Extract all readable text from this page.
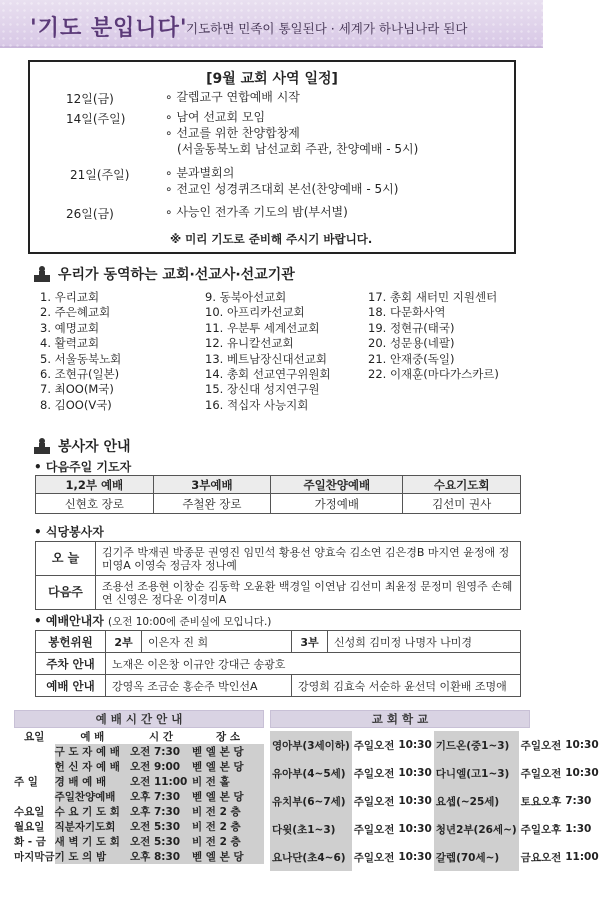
'기도 분입니다'
기도하면 민족이 통일된다 · 세계가 하나님나라 된다
[9월 교회 사역 일정]
12일(금)	∘ 갈렙교구 연합예배 시작
14일(주일)	∘ 남여 선교회 모임
∘ 선교를 위한 찬양합창제
(서울동북노회 남선교회 주관, 찬양예배 - 5시)
21일(주일)	∘ 분과별회의
∘ 전교인 성경퀴즈대회 본선(찬양예배 - 5시)
26일(금)	∘ 사능인 전가족 기도의 밤(부서별)
※ 미리 기도로 준비해 주시기 바랍니다.
우리가 동역하는 교회·선교사·선교기관
1. 우리교회
2. 주은혜교회
3. 예명교회
4. 활력교회
5. 서울동북노회
6. 조현규(일본)
7. 최OO(M국)
8. 김OO(V국)
9. 동북아선교회
10. 아프리카선교회
11. 우분투 세계선교회
12. 유니칼선교회
13. 베트남장신대선교회
14. 총회 선교연구위원회
15. 장신대 성지연구원
16. 적십자 사능지회
17. 총회 새터민 지원센터
18. 다문화사역
19. 정현규(태국)
20. 성문용(네팔)
21. 안재중(독일)
22. 이재훈(마다가스카르)
봉사자 안내
• 다음주일 기도자
1,2부 예배	3부예배	주일찬양예배	수요기도회
신현호 장로	주철완 장로	가정예배	김선미 권사
• 식당봉사자
오 늘	김기주 박재권 박종문 권영진 임민석 황용선 양효숙 김소연 김은경B 마지연 윤정애 정미영A 이영숙 정금자 정나예
다음주	조용선 조용현 이창순 김동학 오윤환 백경일 이연남 김선미 최윤정 문정미 원영주 손혜연 신영은 정다운 이경미A
• 예배안내자 (오전 10:00에 준비실에 모입니다.)
봉헌위원	2부	이은자 진 희	3부	신성희 김미정 나명자 나미경
주차 안내	노재은 이은창 이규안 강대근 송광호			
예배 안내	강영옥 조금순 홍순주 박인선A		강영희 김효숙 서순하 윤선덕 이환배 조명애	
예 배 시 간 안 내
요일	예 배	시 간	장 소
	구 도 자 예 배	오전 7:30	벧 엘 본 당
	헌 신 자 예 배	오전 9:00	벧 엘 본 당
주 일	경 배 예 배	오전 11:00	비 전 홀
	주일찬양예배	오후 7:30	벧 엘 본 당
수요일	수 요 기 도 회	오후 7:30	비 전 2 층
월요일	직분자기도회	오전 5:30	비 전 2 층
화 - 금	새 벽 기 도 회	오전 5:30	비 전 2 층
마지막금	기 도 의 밤	오후 8:30	벧 엘 본 당
교 회 학 교
영아부(3세이하)	주일오전	10:30	기드온(중1~3)	주일오전	10:30
유아부(4~5세)	주일오전	10:30	다니엘(고1~3)	주일오전	10:30
유치부(6~7세)	주일오전	10:30	요셉(~25세)	토요오후	7:30
다윗(초1~3)	주일오전	10:30	청년2부(26세~)	주일오후	1:30
요나단(초4~6)	주일오전	10:30	갈렙(70세~)	금요오전	11:00
